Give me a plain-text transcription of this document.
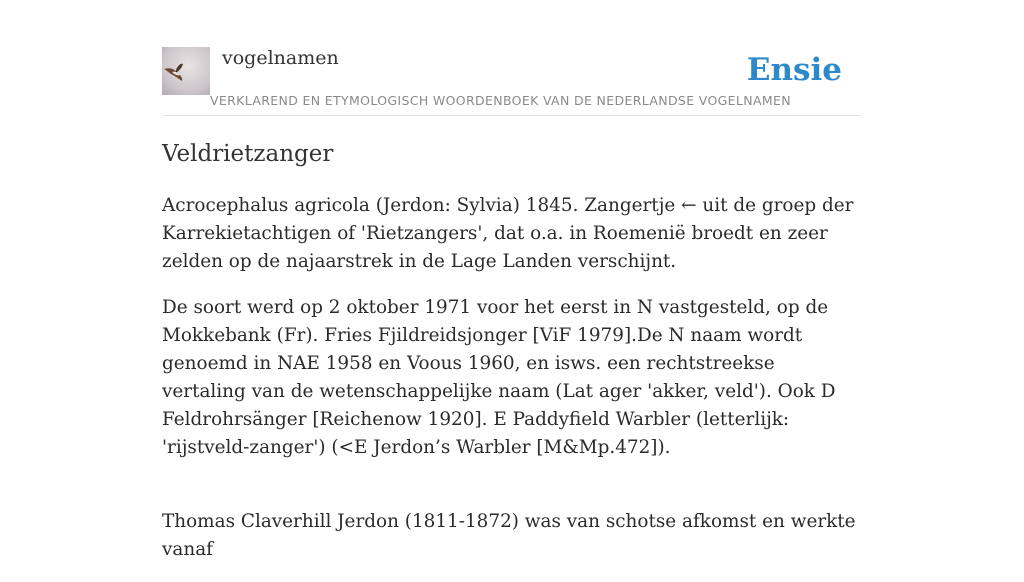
vogelnamen	Ensie
VERKLAREND EN ETYMOLOGISCH WOORDENBOEK VAN DE NEDERLANDSE VOGELNAMEN
Veldrietzanger

Acrocephalus agricola (Jerdon: Sylvia) 1845. Zangertje ← uit de groep der Karrekietachtigen of 'Rietzangers', dat o.a. in Roemenië broedt en zeer zelden op de najaarstrek in de Lage Landen verschijnt.

De soort werd op 2 oktober 1971 voor het eerst in N vastgesteld, op de Mokkebank (Fr). Fries Fjildreidsjonger [ViF 1979].De N naam wordt genoemd in NAE 1958 en Voous 1960, en isws. een rechtstreekse vertaling van de wetenschappelijke naam (Lat ager 'akker, veld'). Ook D Feldrohrsänger [Reichenow 1920]. E Paddyfield Warbler (letterlijk: 'rijstveld-zanger') (<E Jerdon’s Warbler [M&Mp.472]).

Thomas Claverhill Jerdon (1811-1872) was van schotse afkomst en werkte vanaf
